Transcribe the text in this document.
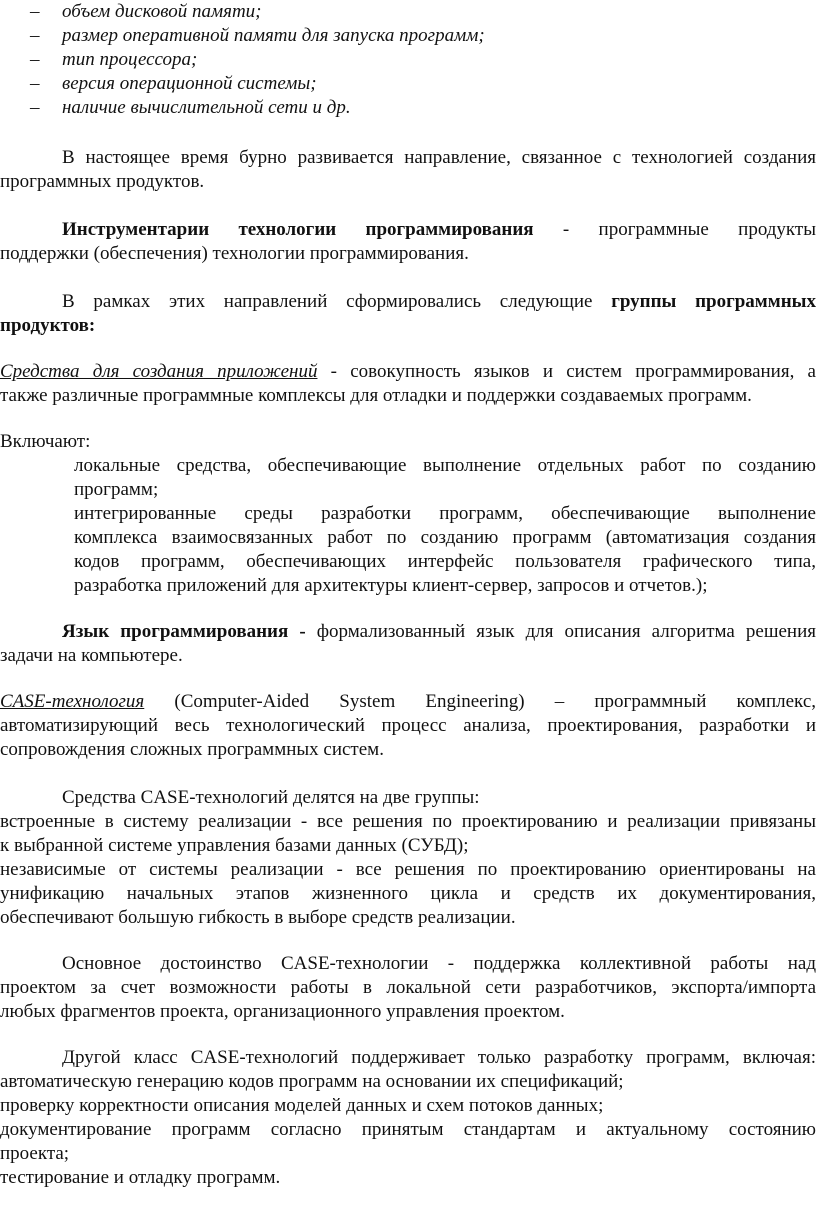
– объем дисковой памяти;
– размер оперативной памяти для запуска программ;
– тип процессора;
– версия операционной системы;
– наличие вычислительной сети и др.
В настоящее время бурно развивается направление, связанное с технологией создания
программных продуктов.
Инструментарии технологии программирования - программные продукты
поддержки (обеспечения) технологии программирования.
В рамках этих направлений сформировались следующие группы программных
продуктов:
Средства для создания приложений - совокупность языков и систем программирования, а
также различные программные комплексы для отладки и поддержки создаваемых программ.
Включают:
локальные средства, обеспечивающие выполнение отдельных работ по созданию
программ;
интегрированные среды разработки программ, обеспечивающие выполнение
комплекса взаимосвязанных работ по созданию программ (автоматизация создания
кодов программ, обеспечивающих интерфейс пользователя графического типа,
разработка приложений для архитектуры клиент-сервер, запросов и отчетов.);
Язык программирования - формализованный язык для описания алгоритма решения
задачи на компьютере.
CASE-технология (Computer-Aided System Engineering) – программный комплекс,
автоматизирующий весь технологический процесс анализа, проектирования, разработки и
сопровождения сложных программных систем.
Средства CASE-технологий делятся на две группы:
встроенные в систему реализации - все решения по проектированию и реализации привязаны
к выбранной системе управления базами данных (СУБД);
независимые от системы реализации - все решения по проектированию ориентированы на
унификацию начальных этапов жизненного цикла и средств их документирования,
обеспечивают большую гибкость в выборе средств реализации.
Основное достоинство CASE-технологии - поддержка коллективной работы над
проектом за счет возможности работы в локальной сети разработчиков, экспорта/импорта
любых фрагментов проекта, организационного управления проектом.
Другой класс CASE-технологий поддерживает только разработку программ, включая:
автоматическую генерацию кодов программ на основании их спецификаций;
проверку корректности описания моделей данных и схем потоков данных;
документирование программ согласно принятым стандартам и актуальному состоянию
проекта;
тестирование и отладку программ.
